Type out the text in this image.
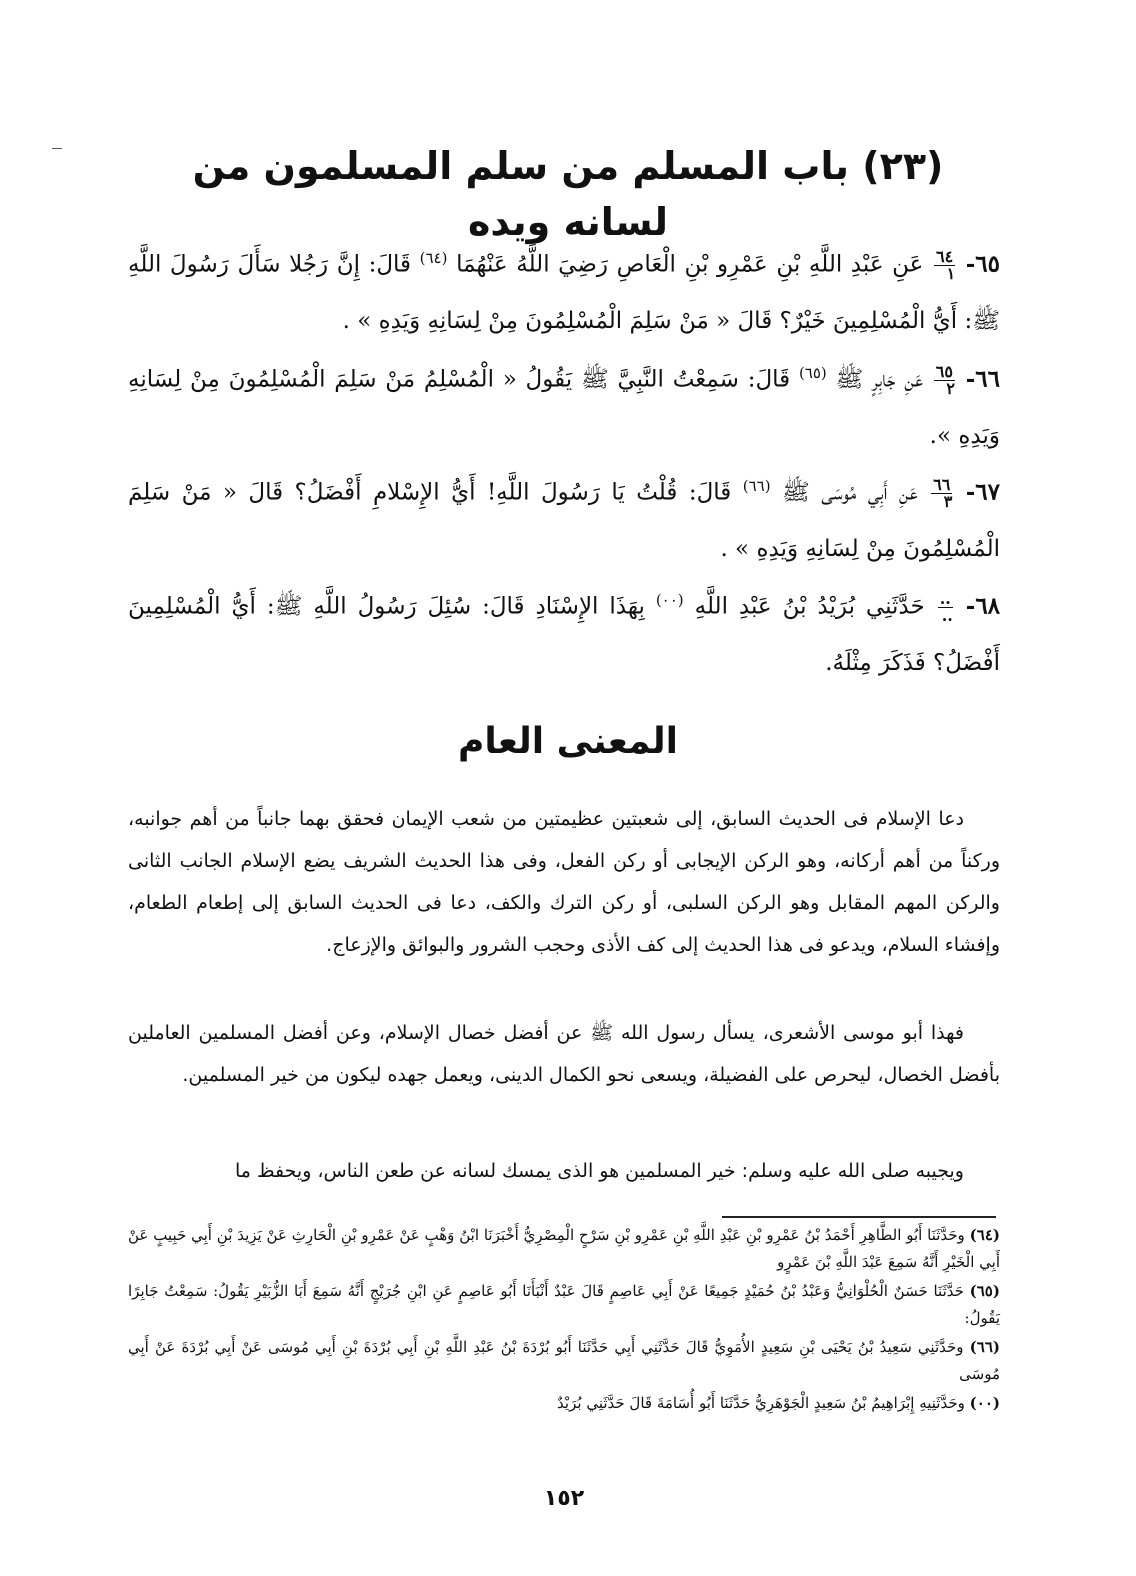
(٢٣) باب المسلم من سلم المسلمون من لسانه ويده

٦٥-
$\frac{٦٤}{١}$
عَنِ عَبْدِ اللَّهِ بْنِ عَمْرِو بْنِ الْعَاصِ رَضِيَ اللَّهُ عَنْهُمَا $^{(٦٤)}$ قَالَ: إِنَّ رَجُلا سَأَلَ رَسُولَ اللَّهِ ﷺ: أَيُّ الْمُسْلِمِينَ خَيْرٌ؟ قَالَ « مَنْ سَلِمَ الْمُسْلِمُونَ مِنْ لِسَانِهِ وَيَدِهِ » .

٦٦-
$\frac{٦٥}{٢}$
عَنِ جَابِرٍ ﷺ $^{(٦٥)}$ قَالَ: سَمِعْتُ النَّبِيَّ ﷺ يَقُولُ « الْمُسْلِمُ مَنْ سَلِمَ الْمُسْلِمُونَ مِنْ لِسَانِهِ وَيَدِهِ ».

٦٧-
$\frac{٦٦}{٣}$
عَنِ أَبِي مُوسَى ﷺ $^{(٦٦)}$ قَالَ: قُلْتُ يَا رَسُولَ اللَّهِ! أَيُّ الإِسْلامِ أَفْضَلُ؟ قَالَ « مَنْ سَلِمَ الْمُسْلِمُونَ مِنْ لِسَانِهِ وَيَدِهِ » .

٦٨-
$\frac{..}{..}$
حَدَّثَنِي بُرَيْدُ بْنُ عَبْدِ اللَّهِ $^{(٠٠)}$ بِهَذَا الإِسْنَادِ قَالَ: سُئِلَ رَسُولُ اللَّهِ ﷺ: أَيُّ الْمُسْلِمِينَ أَفْضَلُ؟ فَذَكَرَ مِثْلَهُ.

المعنى العام

دعا الإسلام فى الحديث السابق، إلى شعبتين عظيمتين من شعب الإيمان فحقق بهما جانباً من أهم جوانبه، وركناً من أهم أركانه، وهو الركن الإيجابى أو ركن الفعل، وفى هذا الحديث الشريف يضع الإسلام الجانب الثانى والركن المهم المقابل وهو الركن السلبى، أو ركن الترك والكف، دعا فى الحديث السابق إلى إطعام الطعام، وإفشاء السلام، ويدعو فى هذا الحديث إلى كف الأذى وحجب الشرور والبوائق والإزعاج.

فهذا أبو موسى الأشعرى، يسأل رسول الله ﷺ عن أفضل خصال الإسلام، وعن أفضل المسلمين العاملين بأفضل الخصال، ليحرص على الفضيلة، ويسعى نحو الكمال الدينى، ويعمل جهده ليكون من خير المسلمين.

ويجيبه صلى الله عليه وسلم: خير المسلمين هو الذى يمسك لسانه عن طعن الناس، ويحفظ ما

(٦٤) وحَدَّثَنَا أَبُو الطَّاهِرِ أَحْمَدُ بْنُ عَمْرِو بْنِ عَبْدِ اللَّهِ بْنِ عَمْرِو بْنِ سَرْحٍ الْمِصْرِيُّ أَخْبَرَنَا ابْنُ وَهْبٍ عَنْ عَمْرِو بْنِ الْحَارِثِ عَنْ يَزِيدَ بْنِ أَبِي حَبِيبٍ عَنْ أَبِي الْخَيْرِ أَنَّهُ سَمِعَ عَبْدَ اللَّهِ بْنَ عَمْرٍو

(٦٥) حَدَّثَنَا حَسَنٌ الْحُلْوَانِيُّ وَعَبْدُ بْنُ حُمَيْدٍ جَمِيعًا عَنْ أَبِي عَاصِمٍ قَالَ عَبْدٌ أَنْبَأَنَا أَبُو عَاصِمٍ عَنِ ابْنِ جُرَيْجٍ أَنَّهُ سَمِعَ أَبَا الزُّبَيْرِ يَقُولُ: سَمِعْتُ جَابِرًا يَقُولُ:

(٦٦) وحَدَّثَنِي سَعِيدُ بْنُ يَحْيَى بْنِ سَعِيدٍ الأُمَوِيُّ قَالَ حَدَّثَنِي أَبِي حَدَّثَنَا أَبُو بُرْدَةَ بْنُ عَبْدِ اللَّهِ بْنِ أَبِي بُرْدَةَ بْنِ أَبِي مُوسَى عَنْ أَبِي بُرْدَةَ عَنْ أَبِي مُوسَى

(٠٠) وحَدَّثَنِيهِ إِبْرَاهِيمُ بْنُ سَعِيدٍ الْجَوْهَرِيُّ حَدَّثَنَا أَبُو أُسَامَةَ قَالَ حَدَّثَنِي بُرَيْدٌ

١٥٢
